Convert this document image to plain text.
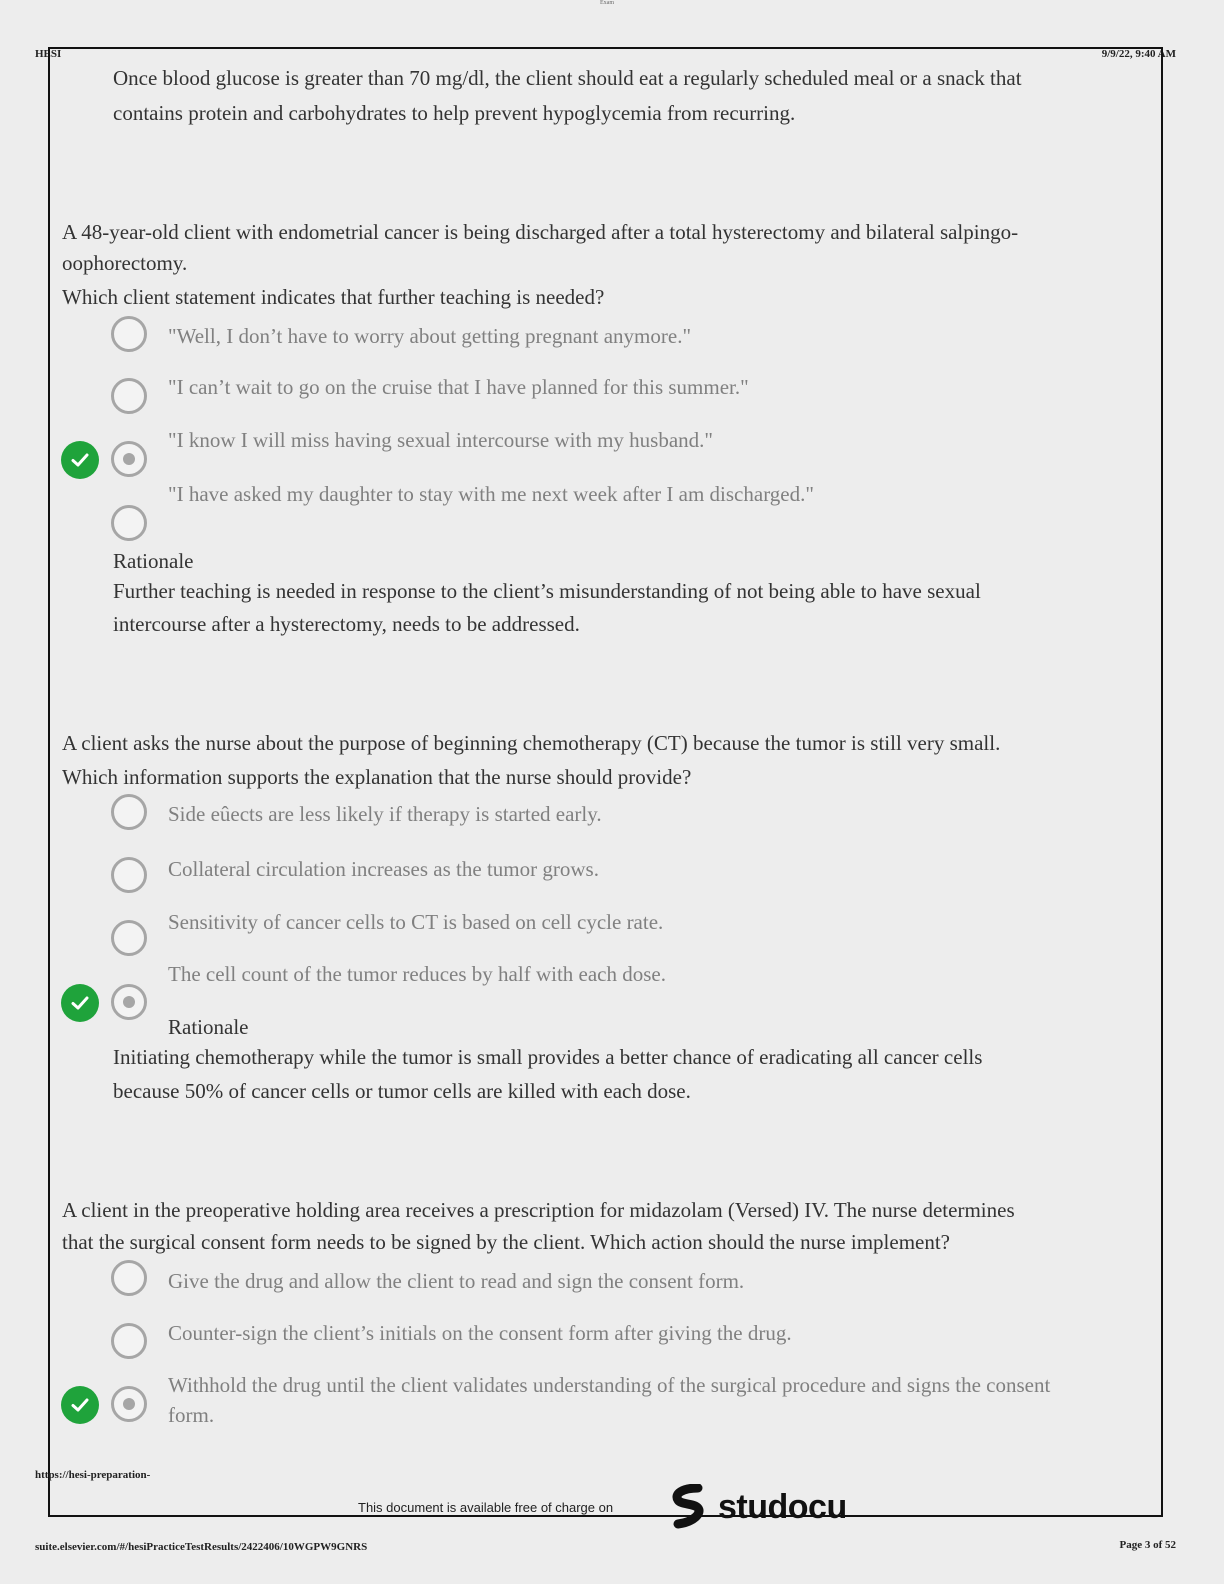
Exam
HESI	9/9/22, 9:40 AM
Once blood glucose is greater than 70 mg/dl, the client should eat a regularly scheduled meal or a snack that
contains protein and carbohydrates to help prevent hypoglycemia from recurring.
A 48-year-old client with endometrial cancer is being discharged after a total hysterectomy and bilateral salpingo-
oophorectomy.
Which client statement indicates that further teaching is needed?
"Well, I don’t have to worry about getting pregnant anymore."
"I can’t wait to go on the cruise that I have planned for this summer."
"I know I will miss having sexual intercourse with my husband."
"I have asked my daughter to stay with me next week after I am discharged."
Rationale
Further teaching is needed in response to the client’s misunderstanding of not being able to have sexual
intercourse after a hysterectomy, needs to be addressed.
A client asks the nurse about the purpose of beginning chemotherapy (CT) because the tumor is still very small.
Which information supports the explanation that the nurse should provide?
Side eûects are less likely if therapy is started early.
Collateral circulation increases as the tumor grows.
Sensitivity of cancer cells to CT is based on cell cycle rate.
The cell count of the tumor reduces by half with each dose.
Rationale
Initiating chemotherapy while the tumor is small provides a better chance of eradicating all cancer cells
because 50% of cancer cells or tumor cells are killed with each dose.
A client in the preoperative holding area receives a prescription for midazolam (Versed) IV. The nurse determines
that the surgical consent form needs to be signed by the client. Which action should the nurse implement?
Give the drug and allow the client to read and sign the consent form.
Counter-sign the client’s initials on the consent form after giving the drug.
Withhold the drug until the client validates understanding of the surgical procedure and signs the consent
form.
https://hesi-preparation-
This document is available free of charge on	studocu
suite.elsevier.com/#/hesiPracticeTestResults/2422406/10WGPW9GNRS	Page 3 of 52
